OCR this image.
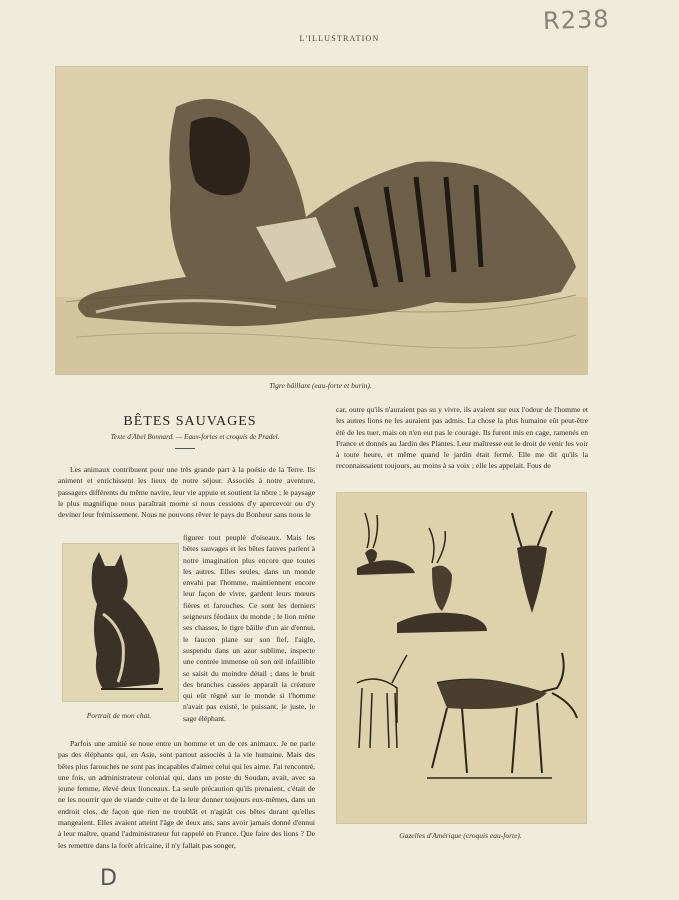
L'ILLUSTRATION
R238
Tigre bâillant (eau-forte et burin).
BÊTES SAUVAGES
Texte d'Abel Bonnard. — Eaux-fortes et croquis de Pradel.

Les animaux contribuent pour une très grande part à la poésie de la Terre. Ils animent et enrichissent les lieux de notre séjour. Associés à notre aventure, passagers différents du même navire, leur vie appuie et soutient la nôtre ; le paysage le plus magnifique nous paraîtrait morne si nous cessions d'y apercevoir ou d'y deviner leur frémissement. Nous ne pouvons rêver le pays du Bonheur sans nous le

Portrait de mon chat.

figurer tout peuplé d'oiseaux. Mais les bêtes sauvages et les bêtes fauves parlent à notre imagination plus encore que toutes les autres. Elles seules, dans un monde envahi par l'homme, maintiennent encore leur façon de vivre, gardent leurs mœurs fières et farouches. Ce sont les derniers seigneurs féodaux du monde ; le lion mène ses chasses, le tigre bâille d'un air d'ennui, le faucon plane sur son fief, l'aigle, suspendu dans un azur sublime, inspecte une contrée immense où son œil infaillible se saisit du moindre détail ; dans le bruit des branches cassées apparaît la créature qui eût régné sur le monde si l'homme n'avait pas existé, le puissant, le juste, le sage éléphant.

Parfois une amitié se noue entre un homme et un de ces animaux. Je ne parle pas des éléphants qui, en Asie, sont partout associés à la vie humaine. Mais des bêtes plus farouches ne sont pas incapables d'aimer celui qui les aime. J'ai rencontré, une fois, un administrateur colonial qui, dans un poste du Soudan, avait, avec sa jeune femme, élevé deux lionceaux. La seule précaution qu'ils prenaient, c'était de ne les nourrir que de viande cuite et de la leur donner toujours eux-mêmes, dans un endroit clos, de façon que rien ne troublât et n'agitât ces bêtes durant qu'elles mangeaient. Elles avaient atteint l'âge de deux ans, sans avoir jamais donné d'ennui à leur maître, quand l'administrateur fut rappelé en France. Que faire des lions ? De les remettre dans la forêt africaine, il n'y fallait pas songer,

car, outre qu'ils n'auraient pas su y vivre, ils avaient sur eux l'odeur de l'homme et les autres lions ne les auraient pas admis. La chose la plus humaine eût peut-être été de les tuer, mais on n'en eut pas le courage. Ils furent mis en cage, ramenés en France et donnés au Jardin des Plantes. Leur maîtresse eut le droit de venir les voir à toute heure, et même quand le jardin était fermé. Elle me dit qu'ils la reconnaissaient toujours, au moins à sa voix ; elle les appelait. Fous de

Gazelles d'Amérique (croquis eau-forte).
D
